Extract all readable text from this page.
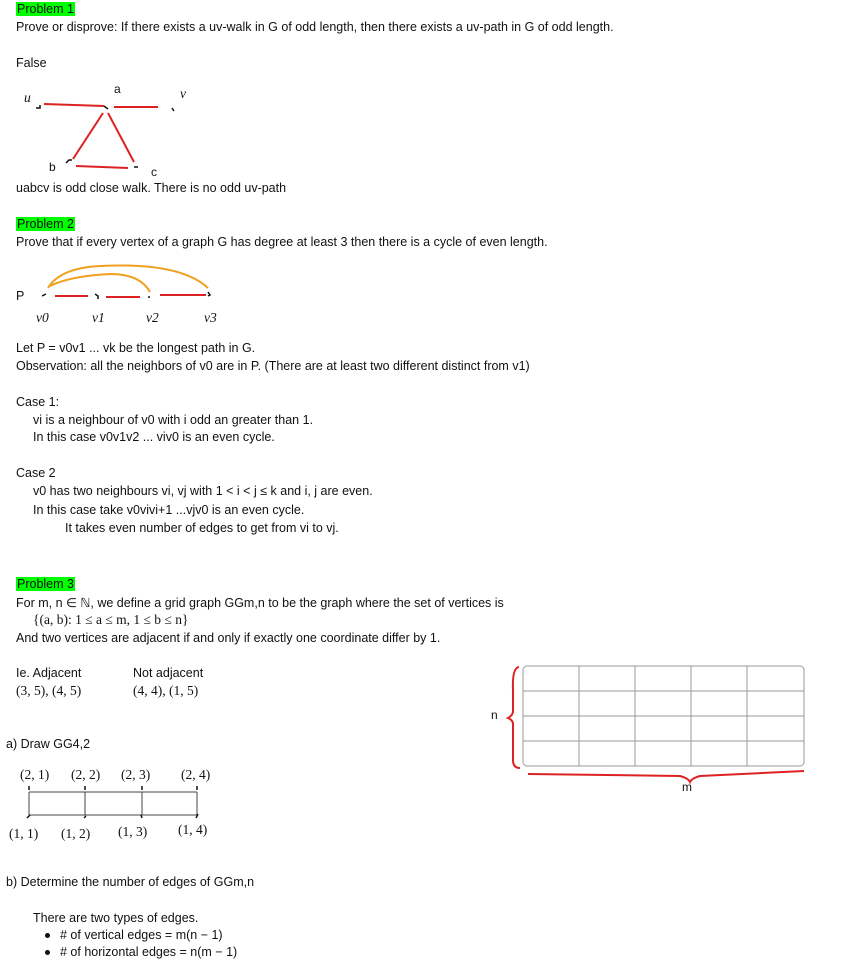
Problem 1
Prove or disprove: If there exists a uv-walk in G of odd length, then there exists a uv-path in G of odd length.
False
u
a	v
b	c
uabcv is odd close walk. There is no odd uv-path
Problem 2
Prove that if every vertex of a graph G has degree at least 3 then there is a cycle of even length.
P
v0	v1	v2	v3
Let P = v0v1 ... vk be the longest path in G.
Observation: all the neighbors of v0 are in P. (There are at least two different distinct from v1)
Case 1:
vi is a neighbour of v0 with i odd an greater than 1.
In this case v0v1v2 ... viv0 is an even cycle.
Case 2
v0 has two neighbours vi, vj with 1 < i < j ≤ k and i, j are even.
In this case take v0vivi+1 ...vjv0 is an even cycle.
It takes even number of edges to get from vi to vj.
Problem 3
For m, n ∈ ℕ, we define a grid graph GGm,n to be the graph where the set of vertices is
{(a, b): 1 ≤ a ≤ m, 1 ≤ b ≤ n}
And two vertices are adjacent if and only if exactly one coordinate differ by 1.
Ie. Adjacent
(3, 5), (4, 5)
Not adjacent
(4, 4), (1, 5)
n
m
a) Draw GG4,2
(2, 1) (2, 2) (2, 3) (2, 4)
(1, 1) (1, 2) (1, 3) (1, 4)
b) Determine the number of edges of GGm,n
There are two types of edges.
# of vertical edges = m(n − 1)
# of horizontal edges = n(m − 1)
